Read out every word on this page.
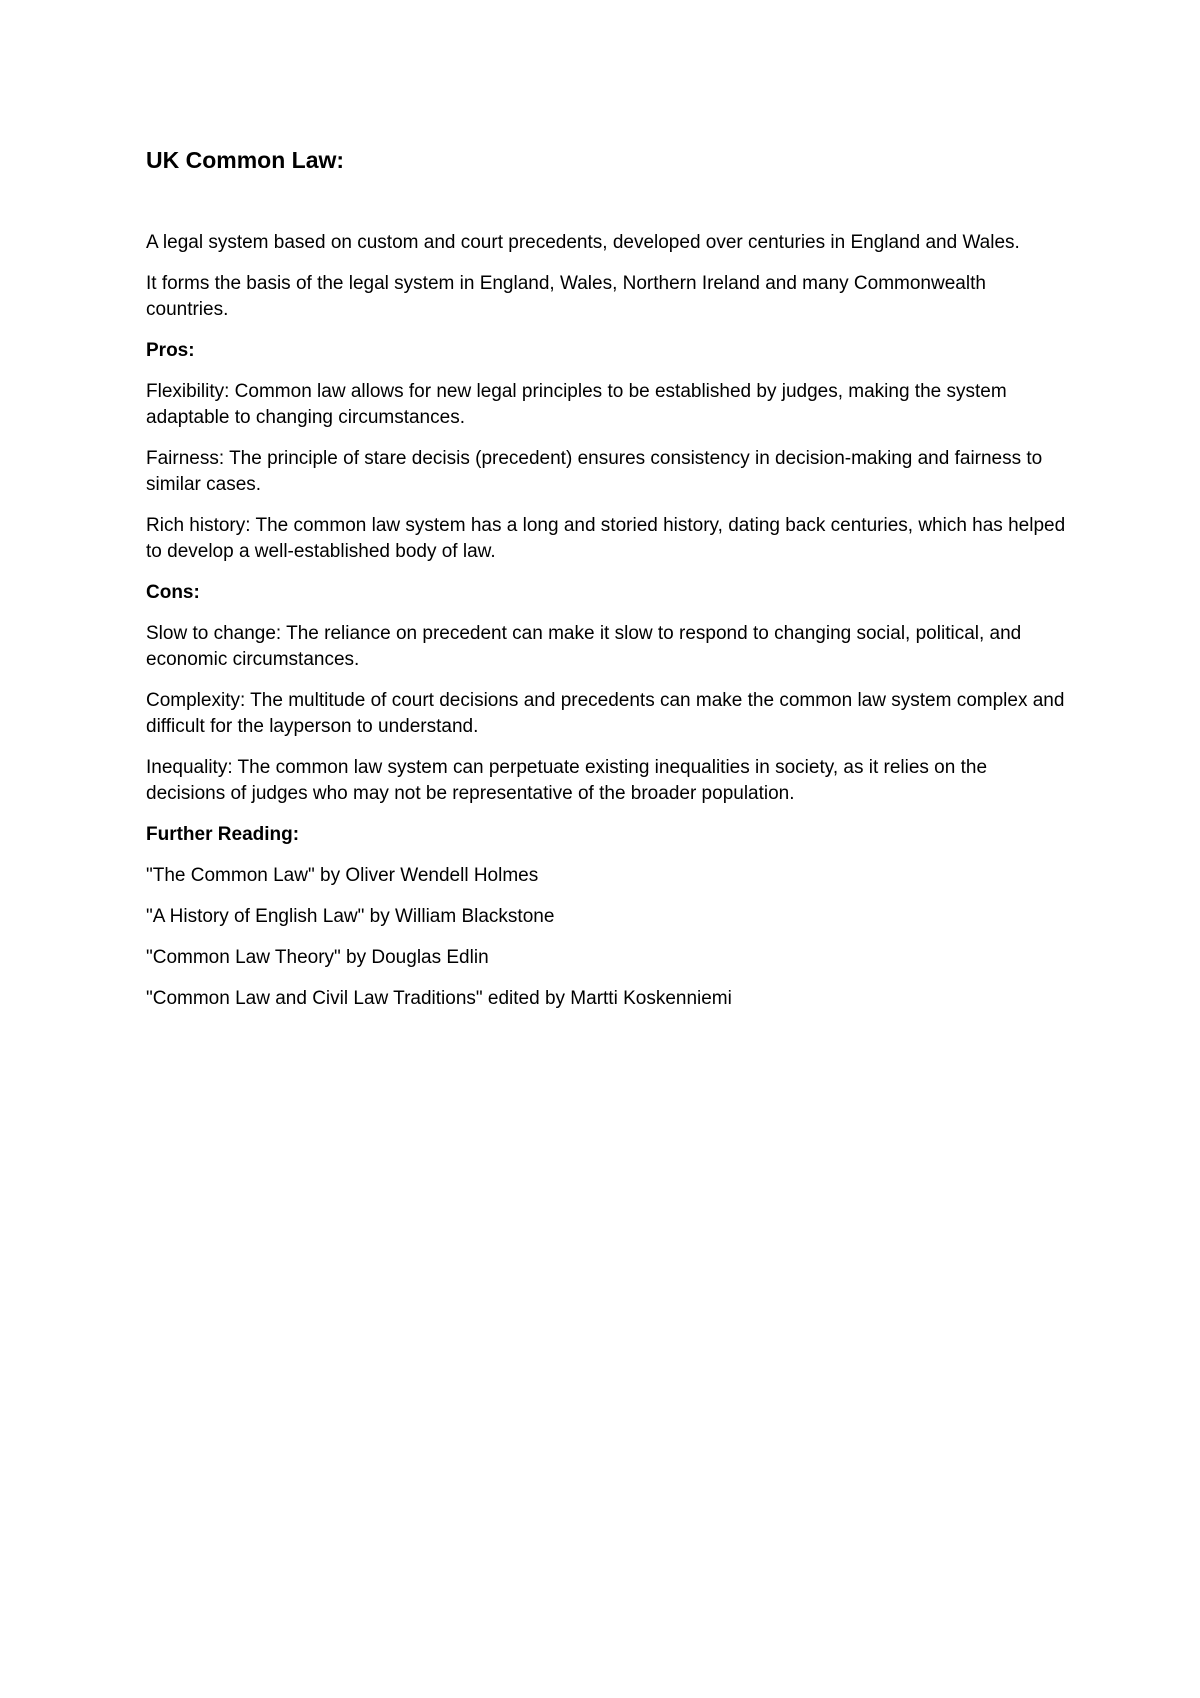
UK Common Law:

A legal system based on custom and court precedents, developed over centuries in England and Wales.

It forms the basis of the legal system in England, Wales, Northern Ireland and many Commonwealth countries.

Pros:

Flexibility: Common law allows for new legal principles to be established by judges, making the system adaptable to changing circumstances.

Fairness: The principle of stare decisis (precedent) ensures consistency in decision-making and fairness to similar cases.

Rich history: The common law system has a long and storied history, dating back centuries, which has helped to develop a well-established body of law.

Cons:

Slow to change: The reliance on precedent can make it slow to respond to changing social, political, and economic circumstances.

Complexity: The multitude of court decisions and precedents can make the common law system complex and difficult for the layperson to understand.

Inequality: The common law system can perpetuate existing inequalities in society, as it relies on the decisions of judges who may not be representative of the broader population.

Further Reading:

"The Common Law" by Oliver Wendell Holmes

"A History of English Law" by William Blackstone

"Common Law Theory" by Douglas Edlin

"Common Law and Civil Law Traditions" edited by Martti Koskenniemi
